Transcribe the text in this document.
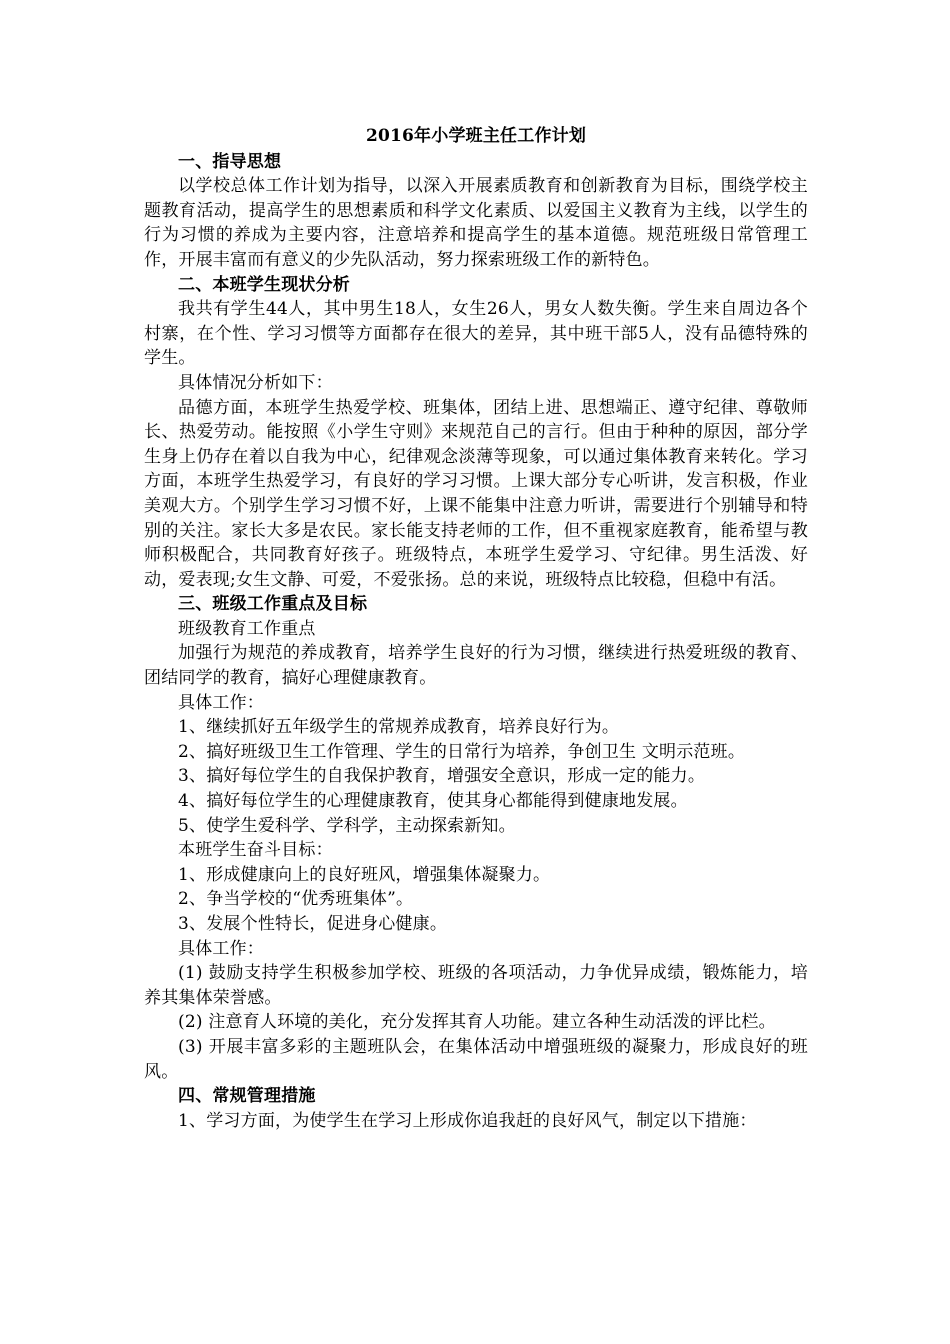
2016年小学班主任工作计划
一、指导思想
以学校总体工作计划为指导，以深入开展素质教育和创新教育为目标，围绕学校主题教育活动，提高学生的思想素质和科学文化素质、以爱国主义教育为主线，以学生的行为习惯的养成为主要内容，注意培养和提高学生的基本道德。规范班级日常管理工作，开展丰富而有意义的少先队活动，努力探索班级工作的新特色。
二、本班学生现状分析
我共有学生44人，其中男生18人，女生26人，男女人数失衡。学生来自周边各个村寨，在个性、学习习惯等方面都存在很大的差异，其中班干部5人，没有品德特殊的学生。
具体情况分析如下：
品德方面，本班学生热爱学校、班集体，团结上进、思想端正、遵守纪律、尊敬师长、热爱劳动。能按照《小学生守则》来规范自己的言行。但由于种种的原因，部分学生身上仍存在着以自我为中心，纪律观念淡薄等现象，可以通过集体教育来转化。学习方面，本班学生热爱学习，有良好的学习习惯。上课大部分专心听讲，发言积极，作业美观大方。个别学生学习习惯不好，上课不能集中注意力听讲，需要进行个别辅导和特别的关注。家长大多是农民。家长能支持老师的工作，但不重视家庭教育，能希望与教师积极配合，共同教育好孩子。班级特点，本班学生爱学习、守纪律。男生活泼、好动，爱表现;女生文静、可爱，不爱张扬。总的来说，班级特点比较稳，但稳中有活。
三、班级工作重点及目标
班级教育工作重点
加强行为规范的养成教育，培养学生良好的行为习惯，继续进行热爱班级的教育、团结同学的教育，搞好心理健康教育。
具体工作：
1、继续抓好五年级学生的常规养成教育，培养良好行为。
2、搞好班级卫生工作管理、学生的日常行为培养，争创卫生 文明示范班。
3、搞好每位学生的自我保护教育，增强安全意识，形成一定的能力。
4、搞好每位学生的心理健康教育，使其身心都能得到健康地发展。
5、使学生爱科学、学科学，主动探索新知。
本班学生奋斗目标：
1、形成健康向上的良好班风，增强集体凝聚力。
2、争当学校的“优秀班集体”。
3、发展个性特长，促进身心健康。
具体工作：
(1) 鼓励支持学生积极参加学校、班级的各项活动，力争优异成绩，锻炼能力，培养其集体荣誉感。
(2) 注意育人环境的美化，充分发挥其育人功能。建立各种生动活泼的评比栏。
(3) 开展丰富多彩的主题班队会，在集体活动中增强班级的凝聚力，形成良好的班风。
四、常规管理措施
1、学习方面，为使学生在学习上形成你追我赶的良好风气，制定以下措施：
